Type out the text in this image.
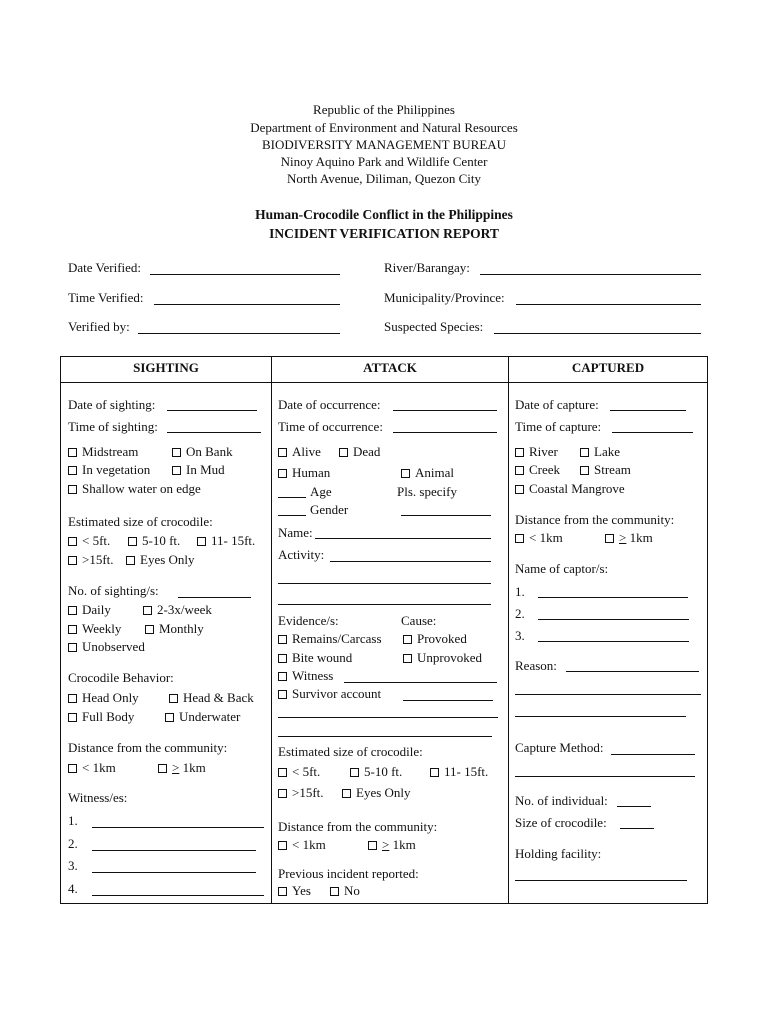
Republic of the Philippines
Department of Environment and Natural Resources
BIODIVERSITY MANAGEMENT BUREAU
Ninoy Aquino Park and Wildlife Center
North Avenue, Diliman, Quezon City
Human-Crocodile Conflict in the Philippines
INCIDENT VERIFICATION REPORT
Date Verified:
Time Verified:
Verified by:
River/Barangay:
Municipality/Province:
Suspected Species:
SIGHTING	ATTACK	CAPTURED
Date of sighting:
Time of sighting:
Midstream	On Bank
In vegetation	In Mud
Shallow water on edge
Estimated size of crocodile:
< 5ft.	5-10 ft.	11- 15ft.
>15ft.	Eyes Only
No. of sighting/s:
Daily	2-3x/week
Weekly	Monthly
Unobserved
Crocodile Behavior:
Head Only	Head & Back
Full Body	Underwater
Distance from the community:
< 1km	≥ 1km
Witness/es:
1.
2.
3.
4.
Date of occurrence:
Time of occurrence:
Alive	Dead
Human	Animal
Age	Pls. specify
Gender
Name:
Activity:
Evidence/s:	Cause:
Remains/Carcass	Provoked
Bite wound	Unprovoked
Witness
Survivor account
Estimated size of crocodile:
< 5ft.	5-10 ft.	11- 15ft.
>15ft.	Eyes Only
Distance from the community:
< 1km	≥ 1km
Previous incident reported:
Yes	No
Date of capture:
Time of capture:
River	Lake
Creek	Stream
Coastal Mangrove
Distance from the community:
< 1km	≥ 1km
Name of captor/s:
1.
2.
3.
Reason:
Capture Method:
No. of individual:
Size of crocodile:
Holding facility:
